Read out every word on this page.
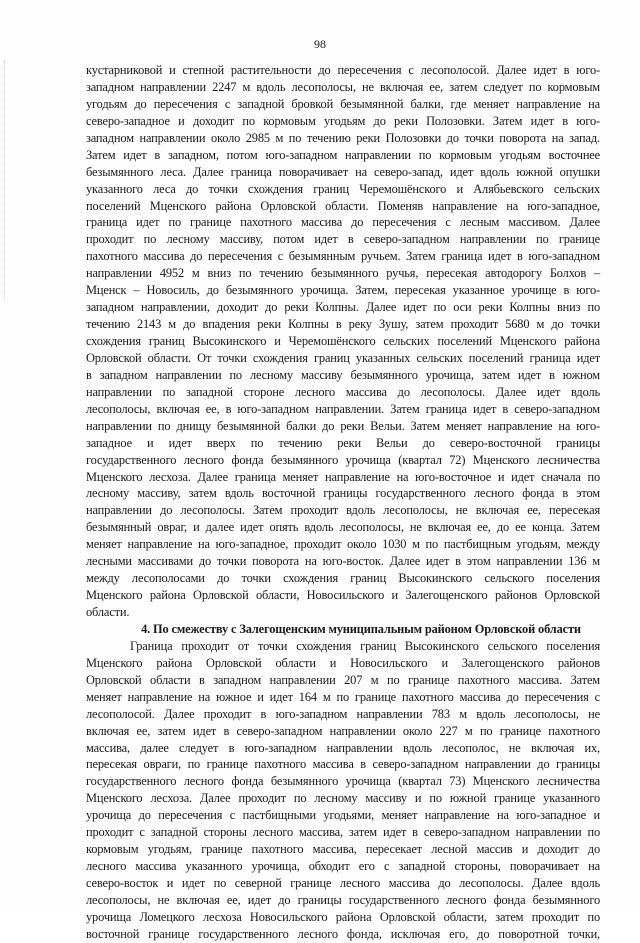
98
кустарниковой и степной растительности до пересечения с лесополосой. Далее идет в юго-
западном направлении 2247 м вдоль лесополосы, не включая ее, затем следует по кормовым
угодьям до пересечения с западной бровкой безымянной балки, где меняет направление на
северо-западное и доходит по кормовым угодьям до реки Полозовки. Затем идет в юго-
западном направлении около 2985 м по течению реки Полозовки до точки поворота на запад.
Затем идет в западном, потом юго-западном направлении по кормовым угодьям восточнее
безымянного леса. Далее граница поворачивает на северо-запад, идет вдоль южной опушки
указанного леса до точки схождения границ Черемошёнского и Алябьевского сельских
поселений Мценского района Орловской области. Поменяв направление на юго-западное,
граница идет по границе пахотного массива до пересечения с лесным массивом. Далее
проходит по лесному массиву, потом идет в северо-западном направлении по границе
пахотного массива до пересечения с безымянным ручьем. Затем граница идет в юго-западном
направлении 4952 м вниз по течению безымянного ручья, пересекая автодорогу Болхов –
Мценск – Новосиль, до безымянного урочища. Затем, пересекая указанное урочище в юго-
западном направлении, доходит до реки Колпны. Далее идет по оси реки Колпны вниз по
течению 2143 м до впадения реки Колпны в реку Зушу, затем проходит 5680 м до точки
схождения границ Высокинского и Черемошёнского сельских поселений Мценского района
Орловской области. От точки схождения границ указанных сельских поселений граница идет
в западном направлении по лесному массиву безымянного урочища, затем идет в южном
направлении по западной стороне лесного массива до лесополосы. Далее идет вдоль
лесополосы, включая ее, в юго-западном направлении. Затем граница идет в северо-западном
направлении по днищу безымянной балки до реки Вельи. Затем меняет направление на юго-
западное и идет вверх по течению реки Вельи до северо-восточной границы
государственного лесного фонда безымянного урочища (квартал 72) Мценского лесничества
Мценского лесхоза. Далее граница меняет направление на юго-восточное и идет сначала по
лесному массиву, затем вдоль восточной границы государственного лесного фонда в этом
направлении до лесополосы. Затем проходит вдоль лесополосы, не включая ее, пересекая
безымянный овраг, и далее идет опять вдоль лесополосы, не включая ее, до ее конца. Затем
меняет направление на юго-западное, проходит около 1030 м по пастбищным угодьям, между
лесными массивами до точки поворота на юго-восток. Далее идет в этом направлении 136 м
между лесополосами до точки схождения границ Высокинского сельского поселения
Мценского района Орловской области, Новосильского и Залегощенского районов Орловской
области.
4. По смежеству с Залегощенским муниципальным районом Орловской области
Граница проходит от точки схождения границ Высокинского сельского поселения
Мценского района Орловской области и Новосильского и Залегощенского районов
Орловской области в западном направлении 207 м по границе пахотного массива. Затем
меняет направление на южное и идет 164 м по границе пахотного массива до пересечения с
лесополосой. Далее проходит в юго-западном направлении 783 м вдоль лесополосы, не
включая ее, затем идет в северо-западном направлении около 227 м по границе пахотного
массива, далее следует в юго-западном направлении вдоль лесополос, не включая их,
пересекая овраги, по границе пахотного массива в северо-западном направлении до границы
государственного лесного фонда безымянного урочища (квартал 73) Мценского лесничества
Мценского лесхоза. Далее проходит по лесному массиву и по южной границе указанного
урочища до пересечения с пастбищными угодьями, меняет направление на юго-западное и
проходит с западной стороны лесного массива, затем идет в северо-западном направлении по
кормовым угодьям, границе пахотного массива, пересекает лесной массив и доходит до
лесного массива указанного урочища, обходит его с западной стороны, поворачивает на
северо-восток и идет по северной границе лесного массива до лесополосы. Далее вдоль
лесополосы, не включая ее, идет до границы государственного лесного фонда безымянного
урочища Ломецкого лесхоза Новосильского района Орловской области, затем проходит по
восточной границе государственного лесного фонда, исключая его, до поворотной точки,
